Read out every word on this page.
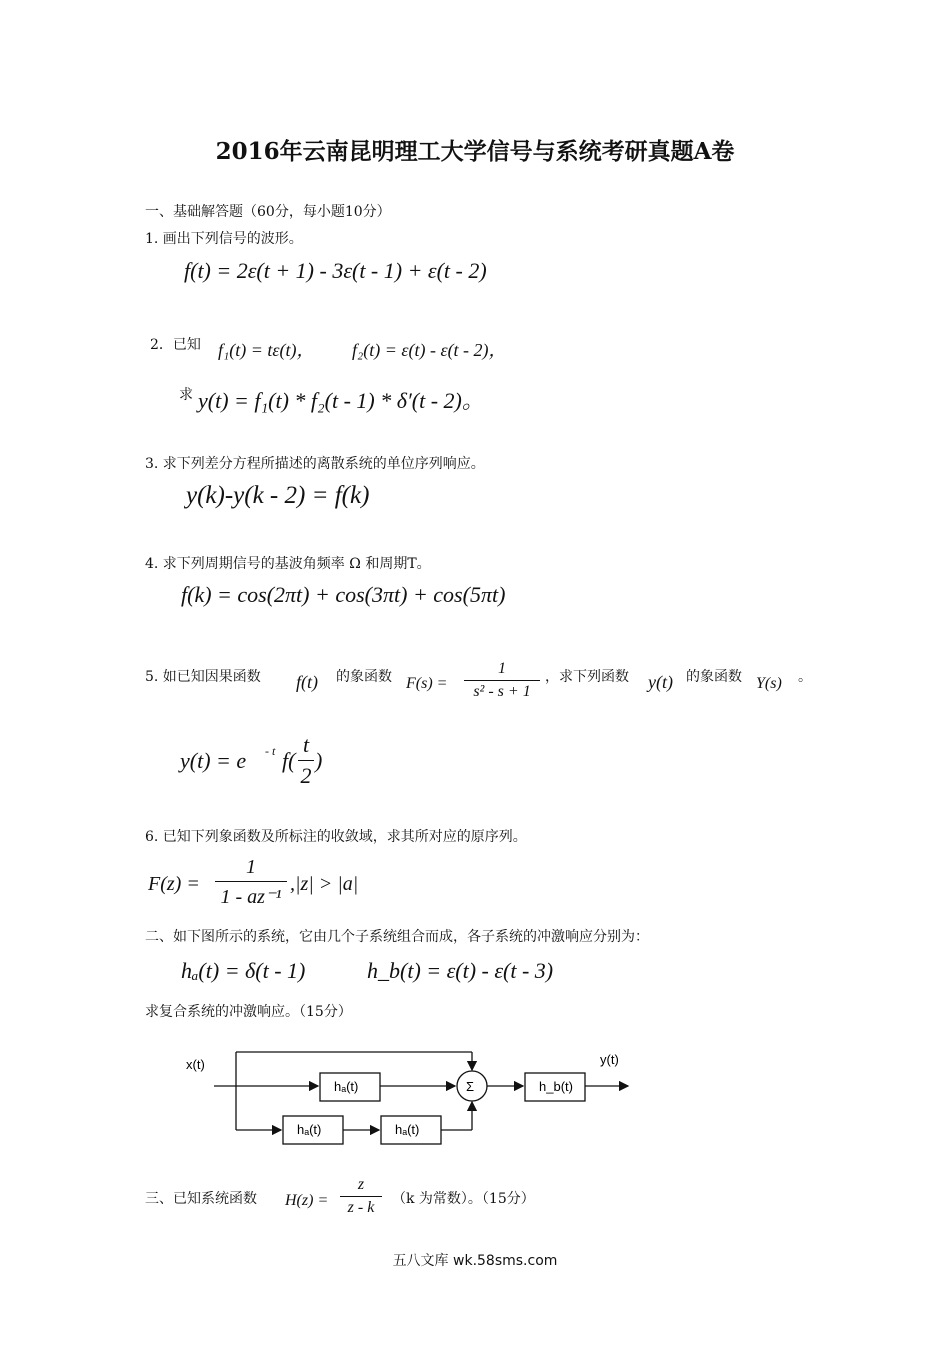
2016年云南昆明理工大学信号与系统考研真题A卷
一、基础解答题（60分，每小题10分）
1. 画出下列信号的波形。
f(t) = 2ε(t + 1) - 3ε(t - 1) + ε(t - 2)
2．已知 f₁(t) = tε(t)， f₂(t) = ε(t) - ε(t - 2)，
求 y(t) = f₁(t) * f₂(t - 1) * δ′(t - 2)。
3. 求下列差分方程所描述的离散系统的单位序列响应。
y(k)-y(k - 2) = f(k)
4. 求下列周期信号的基波角频率 Ω 和周期T。
f(k) = cos(2πt) + cos(3πt) + cos(5πt)
5. 如已知因果函数 f(t) 的象函数 $F(s) = \frac{1}{\text{s² - s + 1}}$ ，求下列函数 y(t) 的象函数 Y(s) 。
y(t) = e - t $f( \frac{t}{2}$ )
6. 已知下列象函数及所标注的收敛域，求其所对应的原序列。
$F(z) = \frac{1}{\text{1 - az⁻¹}} ,|z| > |a|$
二、如下图所示的系统，它由几个子系统组合而成，各子系统的冲激响应分别为：
hₐ(t) = δ(t - 1)	h_b(t) = ε(t) - ε(t - 3)
求复合系统的冲激响应。（15分）
x(t)
hₐ(t)	Σ	h_b(t)
y(t)
hₐ(t)	hₐ(t)
三、已知系统函数 $H(z) = \frac{z}{z - k} (k$ 为常数）。（15分）
五八文库 wk.58sms.com
